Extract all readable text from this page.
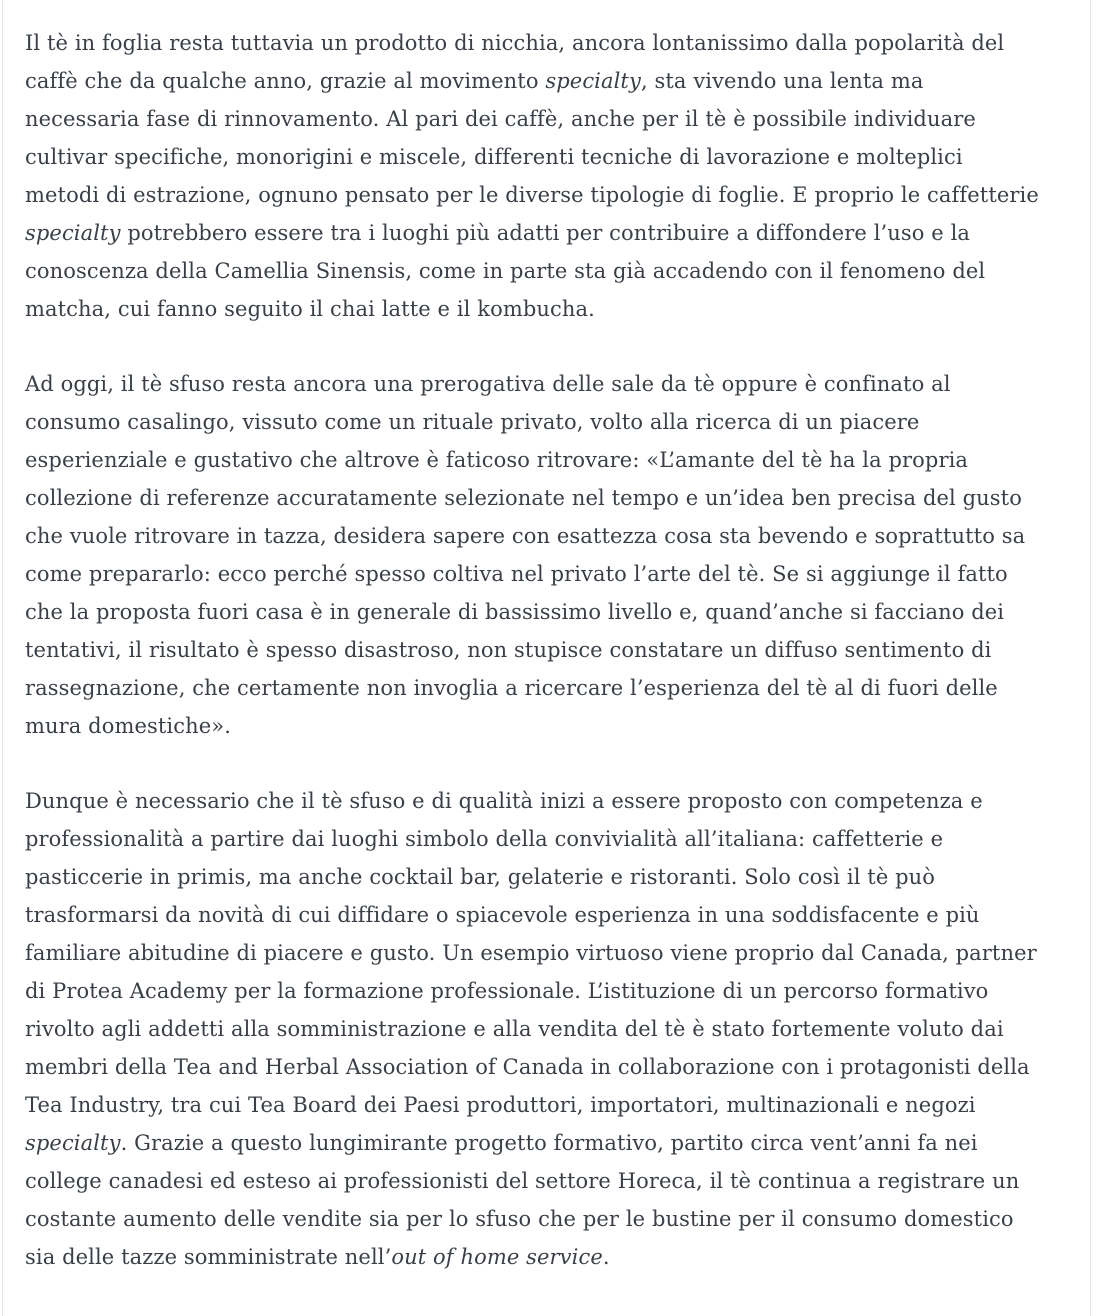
Il tè in foglia resta tuttavia un prodotto di nicchia, ancora lontanissimo dalla popolarità del caffè che da qualche anno, grazie al movimento specialty, sta vivendo una lenta ma necessaria fase di rinnovamento. Al pari dei caffè, anche per il tè è possibile individuare cultivar specifiche, monorigini e miscele, differenti tecniche di lavorazione e molteplici metodi di estrazione, ognuno pensato per le diverse tipologie di foglie. E proprio le caffetterie specialty potrebbero essere tra i luoghi più adatti per contribuire a diffondere l’uso e la conoscenza della Camellia Sinensis, come in parte sta già accadendo con il fenomeno del matcha, cui fanno seguito il chai latte e il kombucha.

Ad oggi, il tè sfuso resta ancora una prerogativa delle sale da tè oppure è confinato al consumo casalingo, vissuto come un rituale privato, volto alla ricerca di un piacere esperienziale e gustativo che altrove è faticoso ritrovare: «L’amante del tè ha la propria collezione di referenze accuratamente selezionate nel tempo e un’idea ben precisa del gusto che vuole ritrovare in tazza, desidera sapere con esattezza cosa sta bevendo e soprattutto sa come prepararlo: ecco perché spesso coltiva nel privato l’arte del tè. Se si aggiunge il fatto che la proposta fuori casa è in generale di bassissimo livello e, quand’anche si facciano dei tentativi, il risultato è spesso disastroso, non stupisce constatare un diffuso sentimento di rassegnazione, che certamente non invoglia a ricercare l’esperienza del tè al di fuori delle mura domestiche».

Dunque è necessario che il tè sfuso e di qualità inizi a essere proposto con competenza e professionalità a partire dai luoghi simbolo della convivialità all’italiana: caffetterie e pasticcerie in primis, ma anche cocktail bar, gelaterie e ristoranti. Solo così il tè può trasformarsi da novità di cui diffidare o spiacevole esperienza in una soddisfacente e più familiare abitudine di piacere e gusto. Un esempio virtuoso viene proprio dal Canada, partner di Protea Academy per la formazione professionale. L’istituzione di un percorso formativo rivolto agli addetti alla somministrazione e alla vendita del tè è stato fortemente voluto dai membri della Tea and Herbal Association of Canada in collaborazione con i protagonisti della Tea Industry, tra cui Tea Board dei Paesi produttori, importatori, multinazionali e negozi specialty. Grazie a questo lungimirante progetto formativo, partito circa vent’anni fa nei college canadesi ed esteso ai professionisti del settore Horeca, il tè continua a registrare un costante aumento delle vendite sia per lo sfuso che per le bustine per il consumo domestico sia delle tazze somministrate nell’out of home service.
